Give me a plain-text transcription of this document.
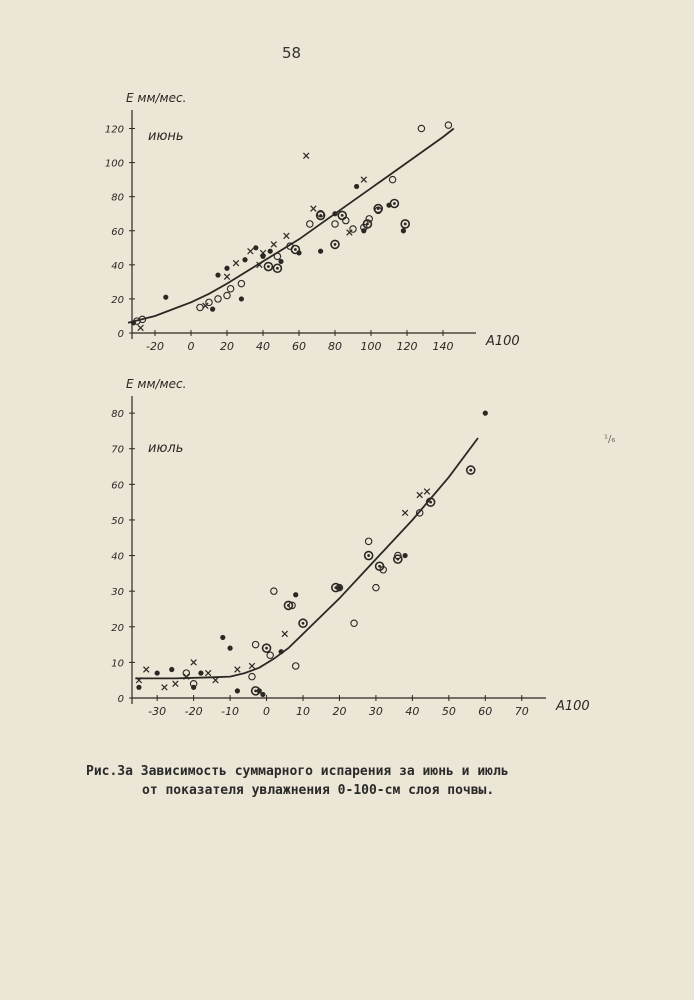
58
¹/₆
-20 0 20 40 60 80 100 120 140
0
20
40
60
80
100
120
E мм/мес.
A100
июнь
-30 -20 -10 0 10 20 30 40 50 60 70
0
10
20
30
40
50
60
70
80
E мм/мес.
A100
июль
Рис.3а Зависимость суммарного испарения за июнь и июль
от показателя увлажнения 0-100-см слоя почвы.
